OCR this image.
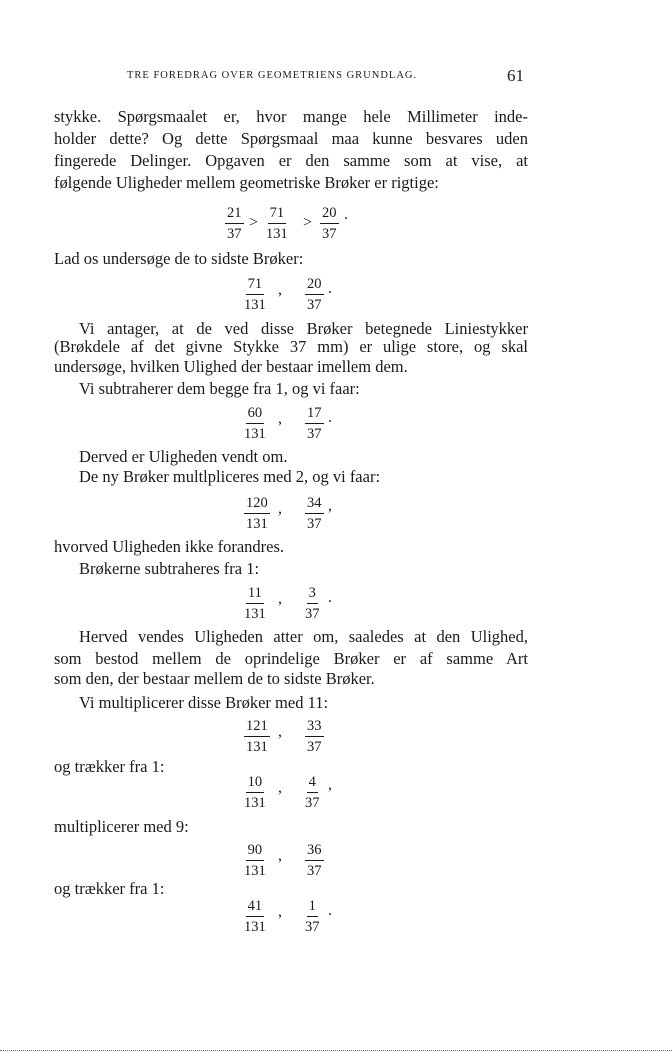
TRE FOREDRAG OVER GEOMETRIENS GRUNDLAG.	61
stykke. Spørgsmaalet er, hvor mange hele Millimeter inde-
holder dette? Og dette Spørgsmaal maa kunne besvares uden
fingerede Delinger. Opgaven er den samme som at vise, at
følgende Uligheder mellem geometriske Brøker er rigtige:
$\frac{21}{37} > \frac{71}{131} > \frac{20}{37}$ .
Lad os undersøge de to sidste Brøker:
$\frac{71}{131}$ , $\frac{20}{37}$ .
Vi antager, at de ved disse Brøker betegnede Liniestykker
(Brøkdele af det givne Stykke 37 mm) er ulige store, og skal
undersøge, hvilken Ulighed der bestaar imellem dem.
Vi subtraherer dem begge fra 1, og vi faar:
$\frac{60}{131}$ , $\frac{17}{37}$ .
Derved er Uligheden vendt om.
De ny Brøker multlpliceres med 2, og vi faar:
$\frac{120}{131}$ , $\frac{34}{37}$ ,
hvorved Uligheden ikke forandres.
Brøkerne subtraheres fra 1:
$\frac{11}{131}$ , $\frac{3}{37}$ .
Herved vendes Uligheden atter om, saaledes at den Ulighed,
som bestod mellem de oprindelige Brøker er af samme Art
som den, der bestaar mellem de to sidste Brøker.
Vi multiplicerer disse Brøker med 11:
$\frac{121}{131}$ , $\frac{33}{37}$
og trækker fra 1:
$\frac{10}{131}$ , $\frac{4}{37}$ ,
multiplicerer med 9:
$\frac{90}{131}$ , $\frac{36}{37}$
og trækker fra 1:
$\frac{41}{131}$ , $\frac{1}{37}$ .
